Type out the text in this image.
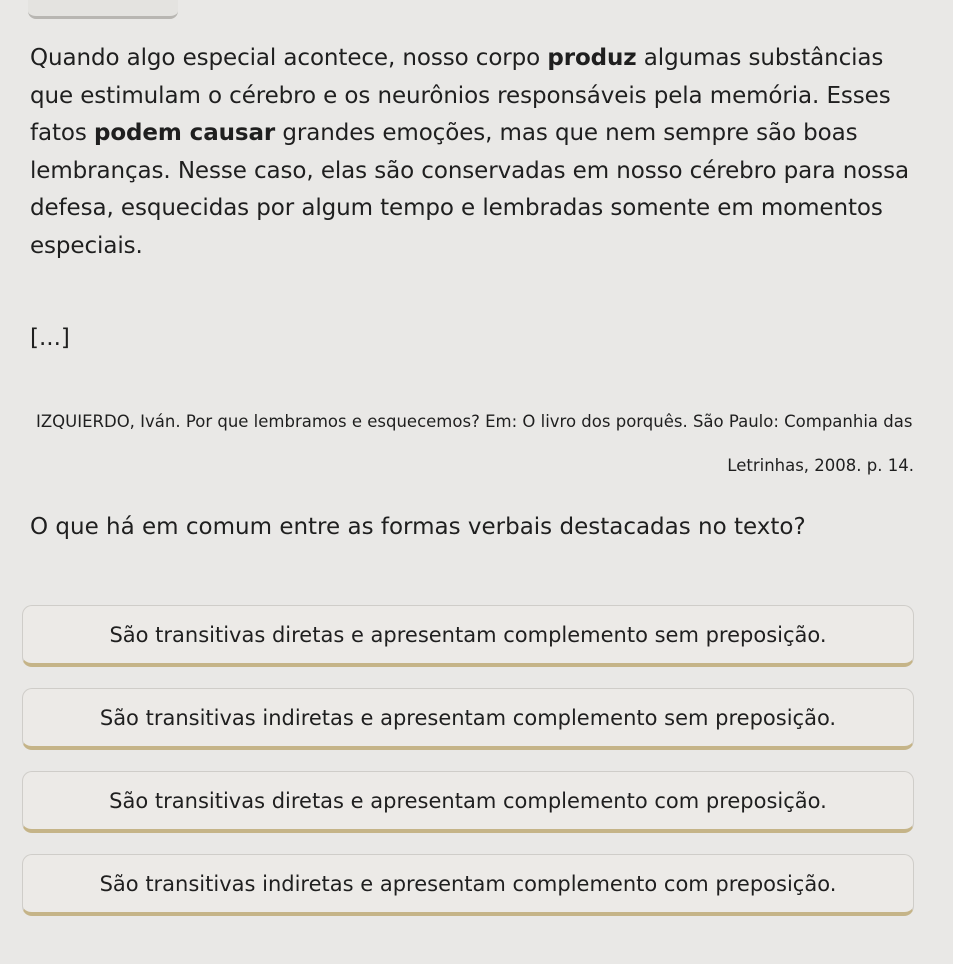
Quando algo especial acontece, nosso corpo produz algumas substâncias que estimulam o cérebro e os neurônios responsáveis pela memória. Esses fatos podem causar grandes emoções, mas que nem sempre são boas lembranças. Nesse caso, elas são conservadas em nosso cérebro para nossa defesa, esquecidas por algum tempo e lembradas somente em momentos especiais.

[...]
IZQUIERDO, Iván. Por que lembramos e esquecemos? Em: O livro dos porquês. São Paulo: Companhia das
Letrinhas, 2008. p. 14.
O que há em comum entre as formas verbais destacadas no texto?
São transitivas diretas e apresentam complemento sem preposição.
São transitivas indiretas e apresentam complemento sem preposição.
São transitivas diretas e apresentam complemento com preposição.
São transitivas indiretas e apresentam complemento com preposição.
